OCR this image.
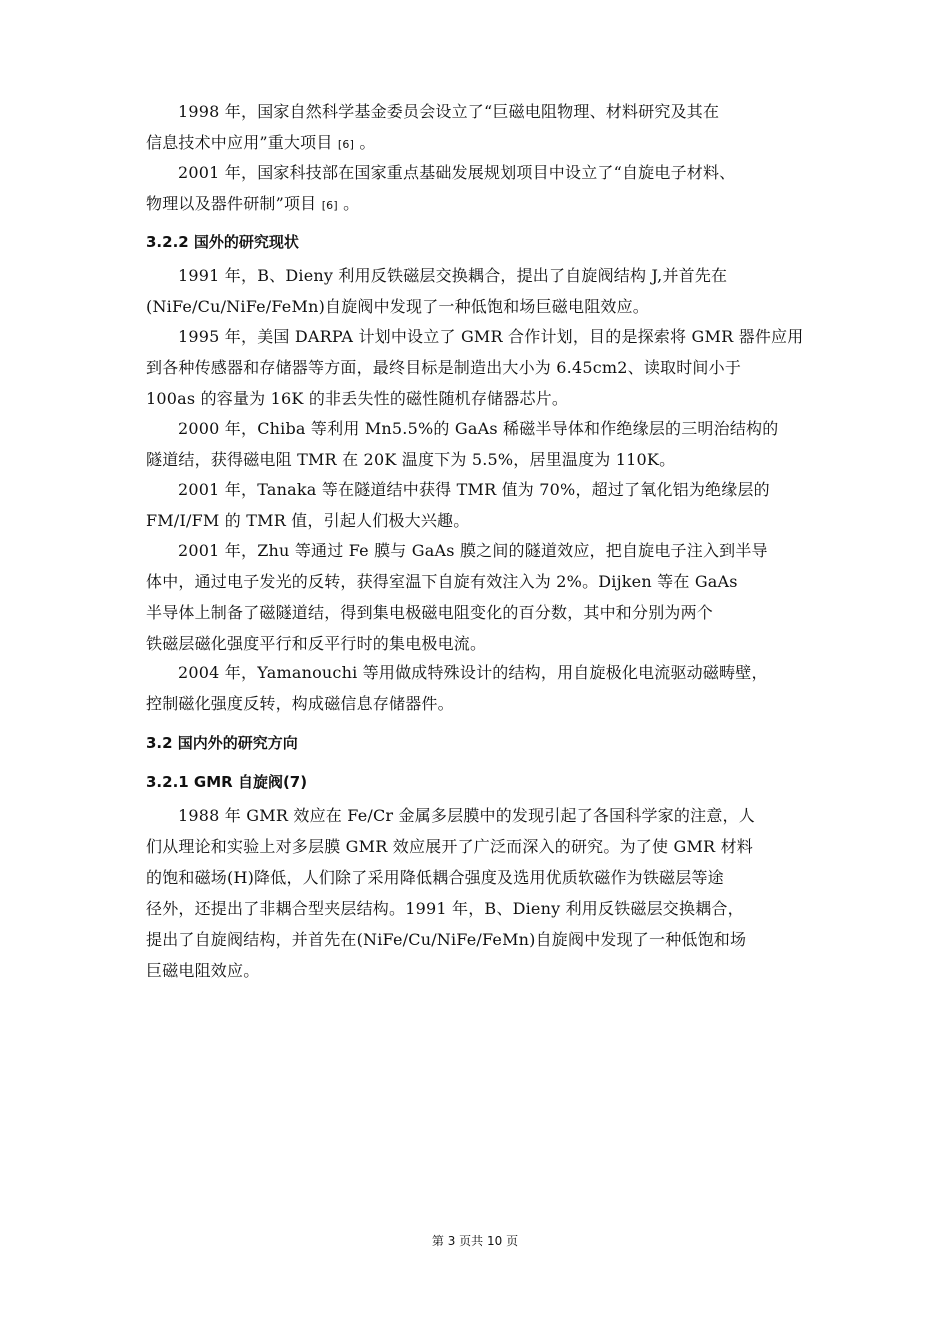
1998 年，国家自然科学基金委员会设立了“巨磁电阻物理、材料研究及其在
信息技术中应用”重大项目 [6] 。
2001 年，国家科技部在国家重点基础发展规划项目中设立了“自旋电子材料、
物理以及器件研制”项目 [6] 。
3.2.2 国外的研究现状
1991 年，B、Dieny 利用反铁磁层交换耦合，提出了自旋阀结构 J,并首先在
(NiFe/Cu/NiFe/FeMn)自旋阀中发现了一种低饱和场巨磁电阻效应。
1995 年，美国 DARPA 计划中设立了 GMR 合作计划，目的是探索将 GMR 器件应用
到各种传感器和存储器等方面，最终目标是制造出大小为 6.45cm2、读取时间小于
100as 的容量为 16K 的非丢失性的磁性随机存储器芯片。
2000 年，Chiba 等利用 Mn5.5%的 GaAs 稀磁半导体和作绝缘层的三明治结构的
隧道结，获得磁电阻 TMR 在 20K 温度下为 5.5%，居里温度为 110K。
2001 年，Tanaka 等在隧道结中获得 TMR 值为 70%，超过了氧化铝为绝缘层的
FM/I/FM 的 TMR 值，引起人们极大兴趣。
2001 年，Zhu 等通过 Fe 膜与 GaAs 膜之间的隧道效应，把自旋电子注入到半导
体中，通过电子发光的反转，获得室温下自旋有效注入为 2%。Dijken 等在 GaAs
半导体上制备了磁隧道结，得到集电极磁电阻变化的百分数，其中和分别为两个
铁磁层磁化强度平行和反平行时的集电极电流。
2004 年，Yamanouchi 等用做成特殊设计的结构，用自旋极化电流驱动磁畴壁，
控制磁化强度反转，构成磁信息存储器件。
3.2 国内外的研究方向
3.2.1 GMR 自旋阀(7)
1988 年 GMR 效应在 Fe/Cr 金属多层膜中的发现引起了各国科学家的注意，人
们从理论和实验上对多层膜 GMR 效应展开了广泛而深入的研究。为了使 GMR 材料
的饱和磁场(H)降低，人们除了采用降低耦合强度及选用优质软磁作为铁磁层等途
径外，还提出了非耦合型夹层结构。1991 年，B、Dieny 利用反铁磁层交换耦合，
提出了自旋阀结构，并首先在(NiFe/Cu/NiFe/FeMn)自旋阀中发现了一种低饱和场
巨磁电阻效应。
第 3 页共 10 页
